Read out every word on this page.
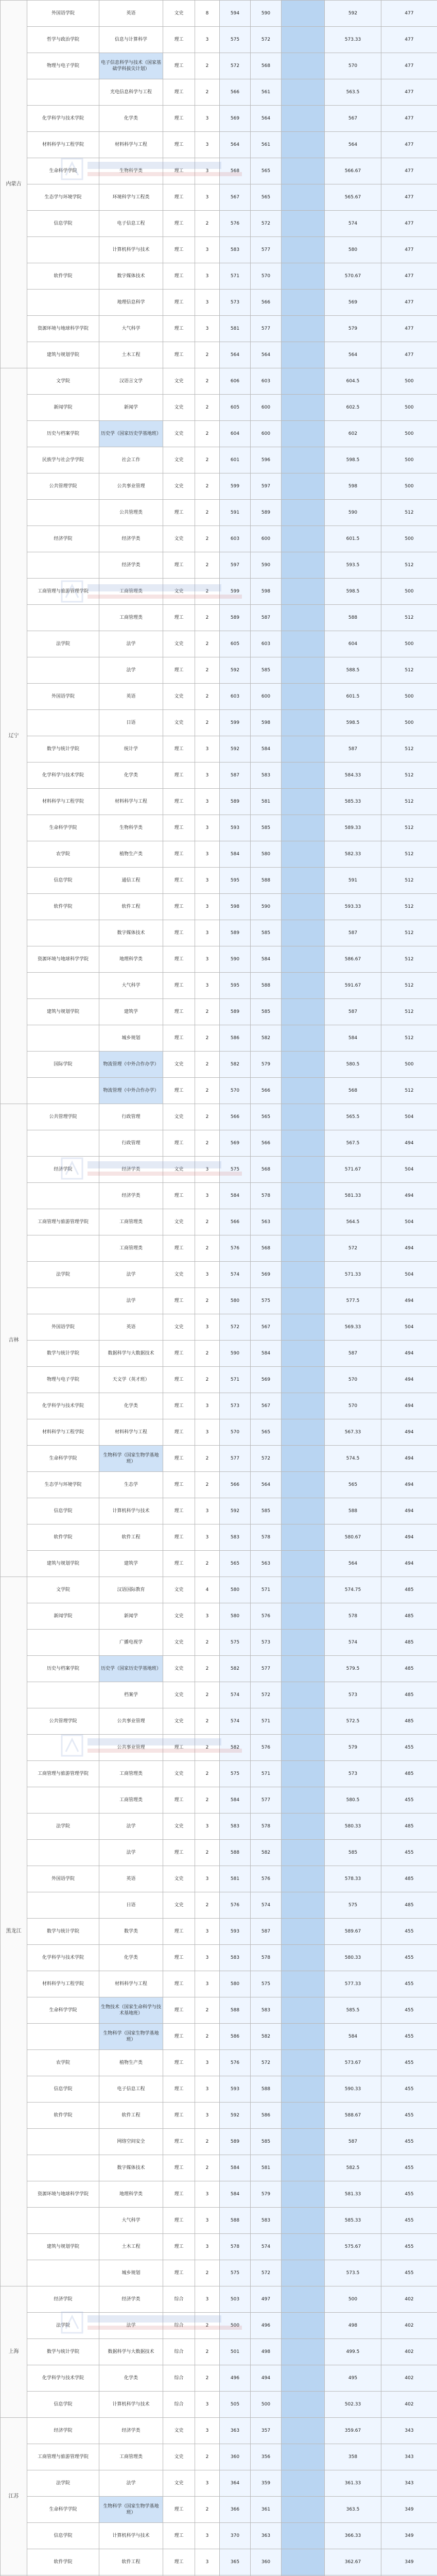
内蒙古	外国语学院	英语	文史	8	594	590		592	477
	哲学与政治学院	信息与计算科学	理工	3	575	572		573.33	477
	物理与电子学院	电子信息科学与技术（国家基础学科拔尖计划）	理工	2	572	568		570	477
		光电信息科学与工程	理工	2	566	561		563.5	477
	化学科学与技术学院	化学类	理工	3	569	564		567	477
	材料科学与工程学院	材料科学与工程	理工	3	564	561		564	477
	生命科学学院	生物科学类	理工	3	568	565		566.67	477
	生态学与环境学院	环境科学与工程类	理工	3	567	565		565.67	477
	信息学院	电子信息工程	理工	2	576	572		574	477
		计算机科学与技术	理工	3	583	577		580	477
	软件学院	数字媒体技术	理工	3	571	570		570.67	477
		地理信息科学	理工	3	573	566		569	477
	资源环境与地球科学学院	大气科学	理工	3	581	577		579	477
	建筑与规划学院	土木工程	理工	2	564	564		564	477
辽宁	文学院	汉语言文学	文史	2	606	603		604.5	500
	新闻学院	新闻学	文史	2	605	600		602.5	500
	历史与档案学院	历史学（国家历史学基地班）	文史	2	604	600		602	500
	民族学与社会学学院	社会工作	文史	2	601	596		598.5	500
	公共管理学院	公共事业管理	文史	2	599	597		598	500
		公共管理类	理工	2	591	589		590	512
	经济学院	经济学类	文史	2	603	600		601.5	500
		经济学类	理工	2	597	590		593.5	512
	工商管理与旅游管理学院	工商管理类	文史	2	599	598		598.5	500
		工商管理类	理工	2	589	587		588	512
	法学院	法学	文史	2	605	603		604	500
		法学	理工	2	592	585		588.5	512
	外国语学院	英语	文史	2	603	600		601.5	500
		日语	文史	2	599	598		598.5	500
	数学与统计学院	统计学	理工	3	592	584		587	512
	化学科学与技术学院	化学类	理工	3	587	583		584.33	512
	材料科学与工程学院	材料科学与工程	理工	3	589	581		585.33	512
	生命科学学院	生物科学类	理工	3	593	585		589.33	512
	农学院	植物生产类	理工	3	584	580		582.33	512
	信息学院	通信工程	理工	3	595	588		591	512
	软件学院	软件工程	理工	3	598	590		593.33	512
		数字媒体技术	理工	3	589	585		587	512
	资源环境与地球科学学院	地理科学类	理工	3	590	584		586.67	512
		大气科学	理工	3	595	588		591.67	512
	建筑与规划学院	建筑学	理工	2	589	585		587	512
		城乡规划	理工	2	586	582		584	512
	国际学院	物流管理（中外合作办学）	文史	2	582	579		580.5	500
		物流管理（中外合作办学）	理工	2	570	566		568	512
吉林	公共管理学院	行政管理	文史	2	566	565		565.5	504
		行政管理	理工	2	569	566		567.5	494
	经济学院	经济学类	文史	3	575	568		571.67	504
		经济学类	理工	3	584	578		581.33	494
	工商管理与旅游管理学院	工商管理类	文史	2	566	563		564.5	504
		工商管理类	理工	2	576	568		572	494
	法学院	法学	文史	3	574	569		571.33	504
		法学	理工	2	580	575		577.5	494
	外国语学院	英语	文史	3	572	567		569.33	504
	数学与统计学院	数据科学与大数据技术	理工	2	590	584		587	494
	物理与电子学院	天文学（英才班）	理工	2	571	569		570	494
	化学科学与技术学院	化学类	理工	3	573	567		570	494
	材料科学与工程学院	材料科学与工程	理工	3	570	565		567.33	494
	生命科学学院	生物科学（国家生物学基地班）	理工	2	577	572		574.5	494
	生态学与环境学院	生态学	理工	2	566	564		565	494
	信息学院	计算机科学与技术	理工	3	592	585		588	494
	软件学院	软件工程	理工	3	583	578		580.67	494
	建筑与规划学院	建筑学	理工	2	565	563		564	494
黑龙江	文学院	汉语国际教育	文史	4	580	571		574.75	485
	新闻学院	新闻学	文史	3	580	576		578	485
		广播电视学	文史	2	575	573		574	485
	历史与档案学院	历史学（国家历史学基地班）	文史	2	582	577		579.5	485
		档案学	文史	2	574	572		573	485
	公共管理学院	公共事业管理	文史	2	574	571		572.5	485
		公共事业管理	理工	2	582	576		579	455
	工商管理与旅游管理学院	工商管理类	文史	2	575	571		573	485
		工商管理类	理工	2	584	577		580.5	455
	法学院	法学	文史	3	583	578		580.33	485
		法学	理工	2	588	582		585	455
	外国语学院	英语	文史	3	581	576		578.33	485
		日语	文史	2	576	574		575	485
	数学与统计学院	数学类	理工	3	593	587		589.67	455
	化学科学与技术学院	化学类	理工	3	583	578		580.33	455
	材料科学与工程学院	材料科学与工程	理工	3	580	575		577.33	455
	生命科学学院	生物技术（国家生命科学与技术基地班）	理工	2	588	583		585.5	455
		生物科学（国家生物学基地班）	理工	2	586	582		584	455
	农学院	植物生产类	理工	3	576	572		573.67	455
	信息学院	电子信息工程	理工	3	593	588		590.33	455
	软件学院	软件工程	理工	3	592	586		588.67	455
		网络空间安全	理工	2	589	585		587	455
		数字媒体技术	理工	2	584	581		582.5	455
	资源环境与地球科学学院	地理科学类	理工	3	584	579		581.33	455
		大气科学	理工	3	588	583		585.33	455
	建筑与规划学院	土木工程	理工	3	578	574		575.67	455
		城乡规划	理工	2	575	572		573.5	455
上海	经济学院	经济学类	综合	3	503	497		500	402
	法学院	法学	综合	2	500	496		498	402
	数学与统计学院	数据科学与大数据技术	综合	2	501	498		499.5	402
	化学科学与技术学院	化学类	综合	2	496	494		495	402
	信息学院	计算机科学与技术	综合	3	505	500		502.33	402
江苏	经济学院	经济学类	文史	3	363	357		359.67	343
	工商管理与旅游管理学院	工商管理类	文史	2	360	356		358	343
	法学院	法学	文史	3	364	359		361.33	343
	生命科学学院	生物科学（国家生物学基地班）	理工	2	366	361		363.5	349
	信息学院	计算机科学与技术	理工	3	370	363		366.33	349
	软件学院	软件工程	理工	3	365	360		362.67	349
